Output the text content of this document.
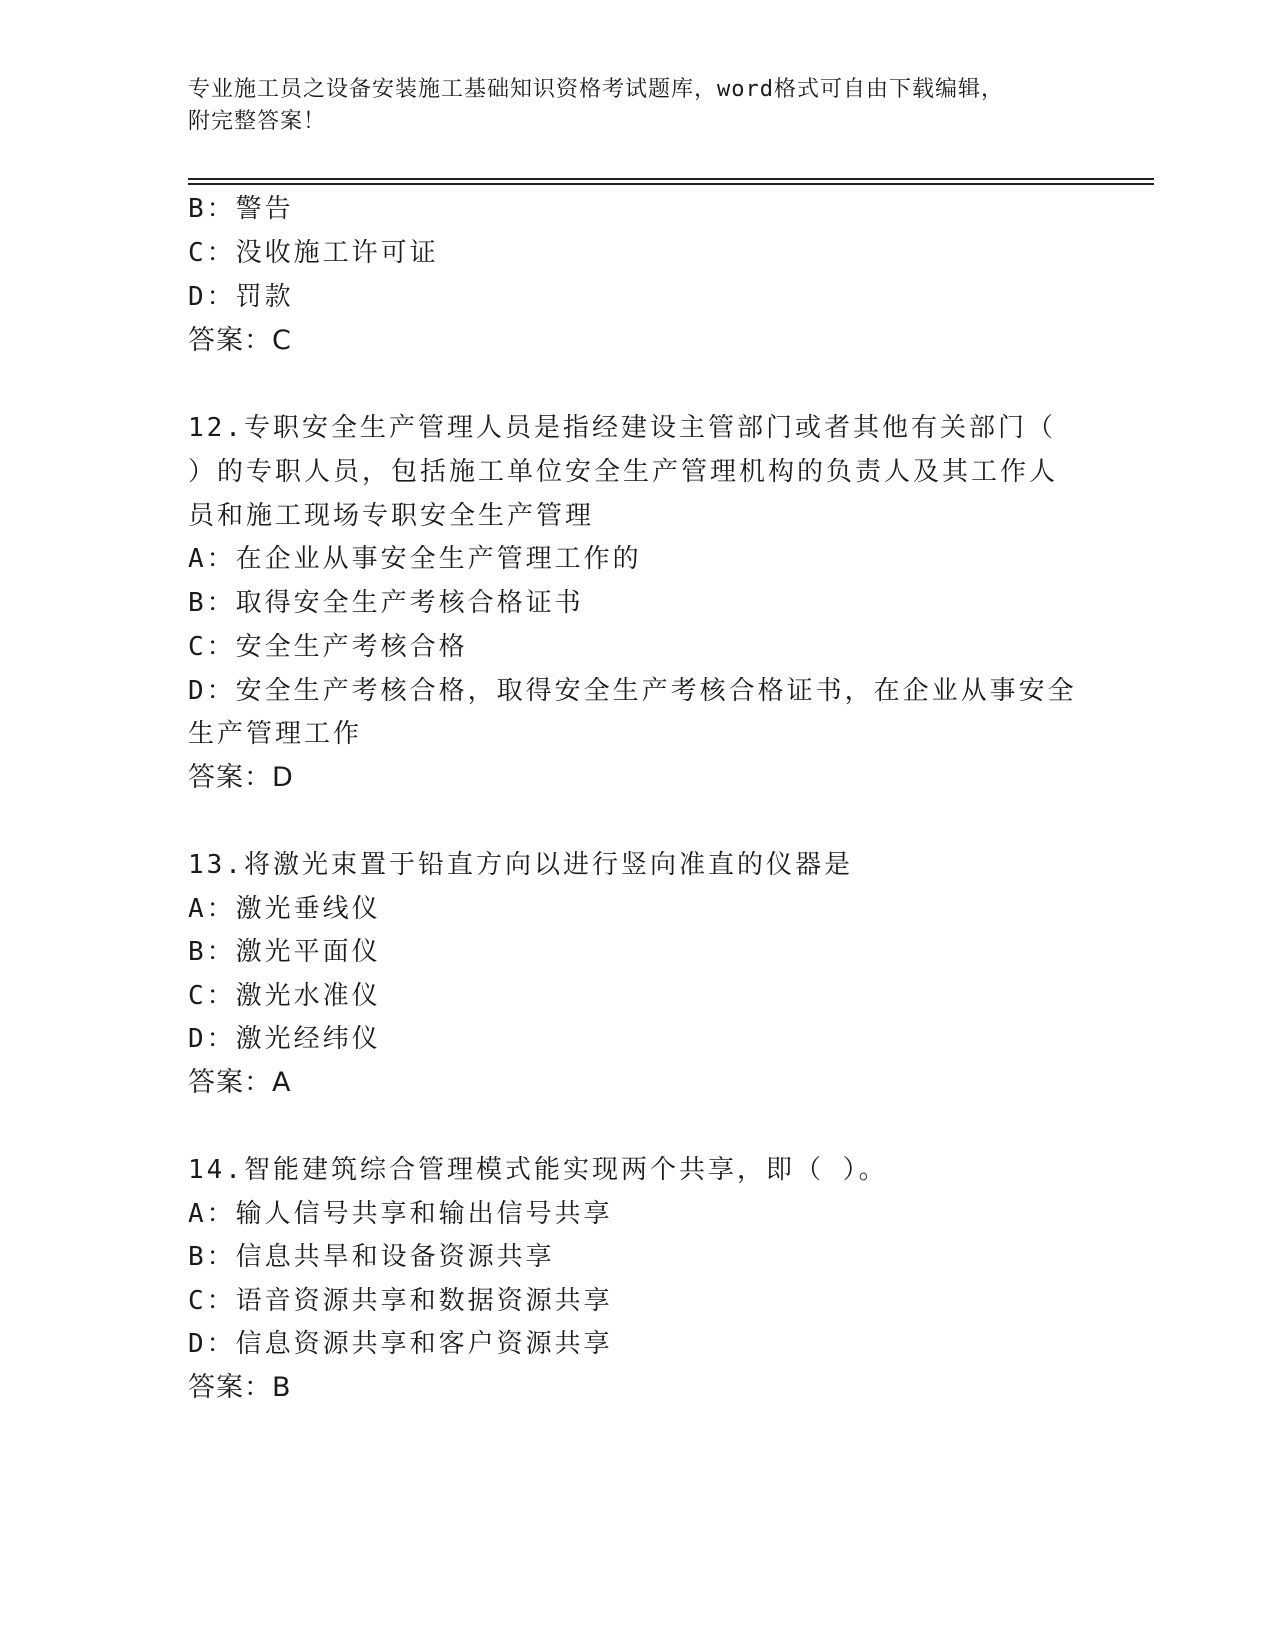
专业施工员之设备安装施工基础知识资格考试题库，word格式可自由下载编辑，
附完整答案！
B：警告
C：没收施工许可证
D：罚款
答案：C
12.专职安全生产管理人员是指经建设主管部门或者其他有关部门（
）的专职人员，包括施工单位安全生产管理机构的负责人及其工作人
员和施工现场专职安全生产管理
A：在企业从事安全生产管理工作的
B：取得安全生产考核合格证书
C：安全生产考核合格
D：安全生产考核合格，取得安全生产考核合格证书，在企业从事安全
生产管理工作
答案：D
13.将激光束置于铅直方向以进行竖向准直的仪器是
A：激光垂线仪
B：激光平面仪
C：激光水准仪
D：激光经纬仪
答案：A
14.智能建筑综合管理模式能实现两个共享，即（ ）。
A：输人信号共享和输出信号共享
B：信息共旱和设备资源共享
C：语音资源共享和数据资源共享
D：信息资源共享和客户资源共享
答案：B
